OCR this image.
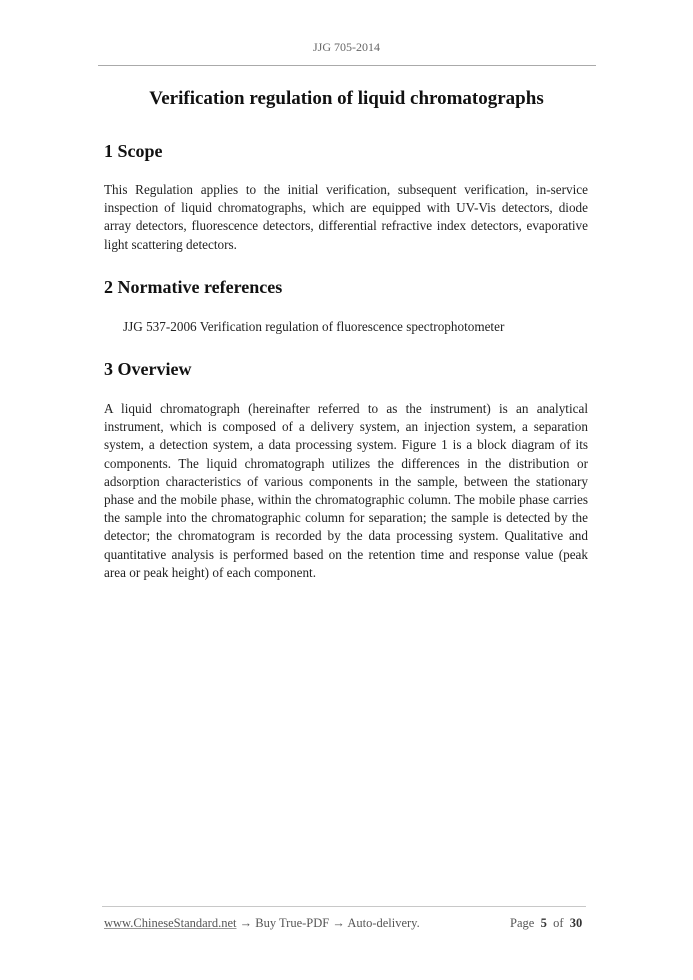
JJG 705-2014
Verification regulation of liquid chromatographs
1 Scope
This Regulation applies to the initial verification, subsequent verification, in-service inspection of liquid chromatographs, which are equipped with UV-Vis detectors, diode array detectors, fluorescence detectors, differential refractive index detectors, evaporative light scattering detectors.
2 Normative references
JJG 537-2006 Verification regulation of fluorescence spectrophotometer
3 Overview
A liquid chromatograph (hereinafter referred to as the instrument) is an analytical instrument, which is composed of a delivery system, an injection system, a separation system, a detection system, a data processing system. Figure 1 is a block diagram of its components. The liquid chromatograph utilizes the differences in the distribution or adsorption characteristics of various components in the sample, between the stationary phase and the mobile phase, within the chromatographic column. The mobile phase carries the sample into the chromatographic column for separation; the sample is detected by the detector; the chromatogram is recorded by the data processing system. Qualitative and quantitative analysis is performed based on the retention time and response value (peak area or peak height) of each component.
www.ChineseStandard.net → Buy True-PDF → Auto-delivery.	Page 5 of 30
